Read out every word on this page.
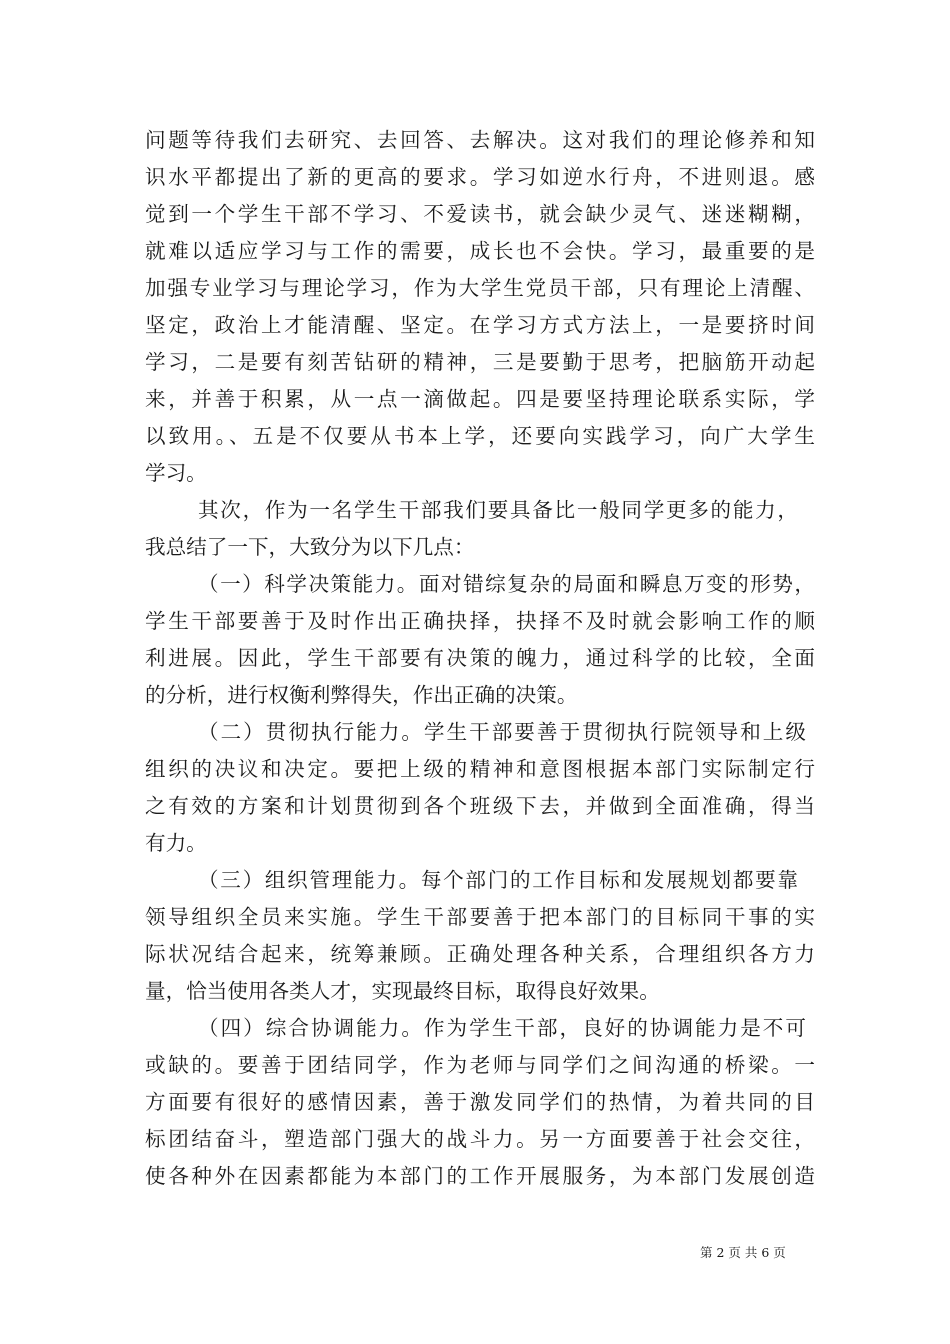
问题等待我们去研究、去回答、去解决。这对我们的理论修养和知
识水平都提出了新的更高的要求。学习如逆水行舟，不进则退。感
觉到一个学生干部不学习、不爱读书，就会缺少灵气、迷迷糊糊，
就难以适应学习与工作的需要，成长也不会快。学习，最重要的是
加强专业学习与理论学习，作为大学生党员干部，只有理论上清醒、
坚定，政治上才能清醒、坚定。在学习方式方法上，一是要挤时间
学习，二是要有刻苦钻研的精神，三是要勤于思考，把脑筋开动起
来，并善于积累，从一点一滴做起。四是要坚持理论联系实际，学
以致用。、五是不仅要从书本上学，还要向实践学习，向广大学生
学习。
其次，作为一名学生干部我们要具备比一般同学更多的能力，
我总结了一下，大致分为以下几点：
（一）科学决策能力。面对错综复杂的局面和瞬息万变的形势，
学生干部要善于及时作出正确抉择，抉择不及时就会影响工作的顺
利进展。因此，学生干部要有决策的魄力，通过科学的比较，全面
的分析，进行权衡利弊得失，作出正确的决策。
（二）贯彻执行能力。学生干部要善于贯彻执行院领导和上级
组织的决议和决定。要把上级的精神和意图根据本部门实际制定行
之有效的方案和计划贯彻到各个班级下去，并做到全面准确，得当
有力。
（三）组织管理能力。每个部门的工作目标和发展规划都要靠
领导组织全员来实施。学生干部要善于把本部门的目标同干事的实
际状况结合起来，统筹兼顾。正确处理各种关系，合理组织各方力
量，恰当使用各类人才，实现最终目标，取得良好效果。
（四）综合协调能力。作为学生干部，良好的协调能力是不可
或缺的。要善于团结同学，作为老师与同学们之间沟通的桥梁。一
方面要有很好的感情因素，善于激发同学们的热情，为着共同的目
标团结奋斗，塑造部门强大的战斗力。另一方面要善于社会交往，
使各种外在因素都能为本部门的工作开展服务，为本部门发展创造
第 2 页 共 6 页
